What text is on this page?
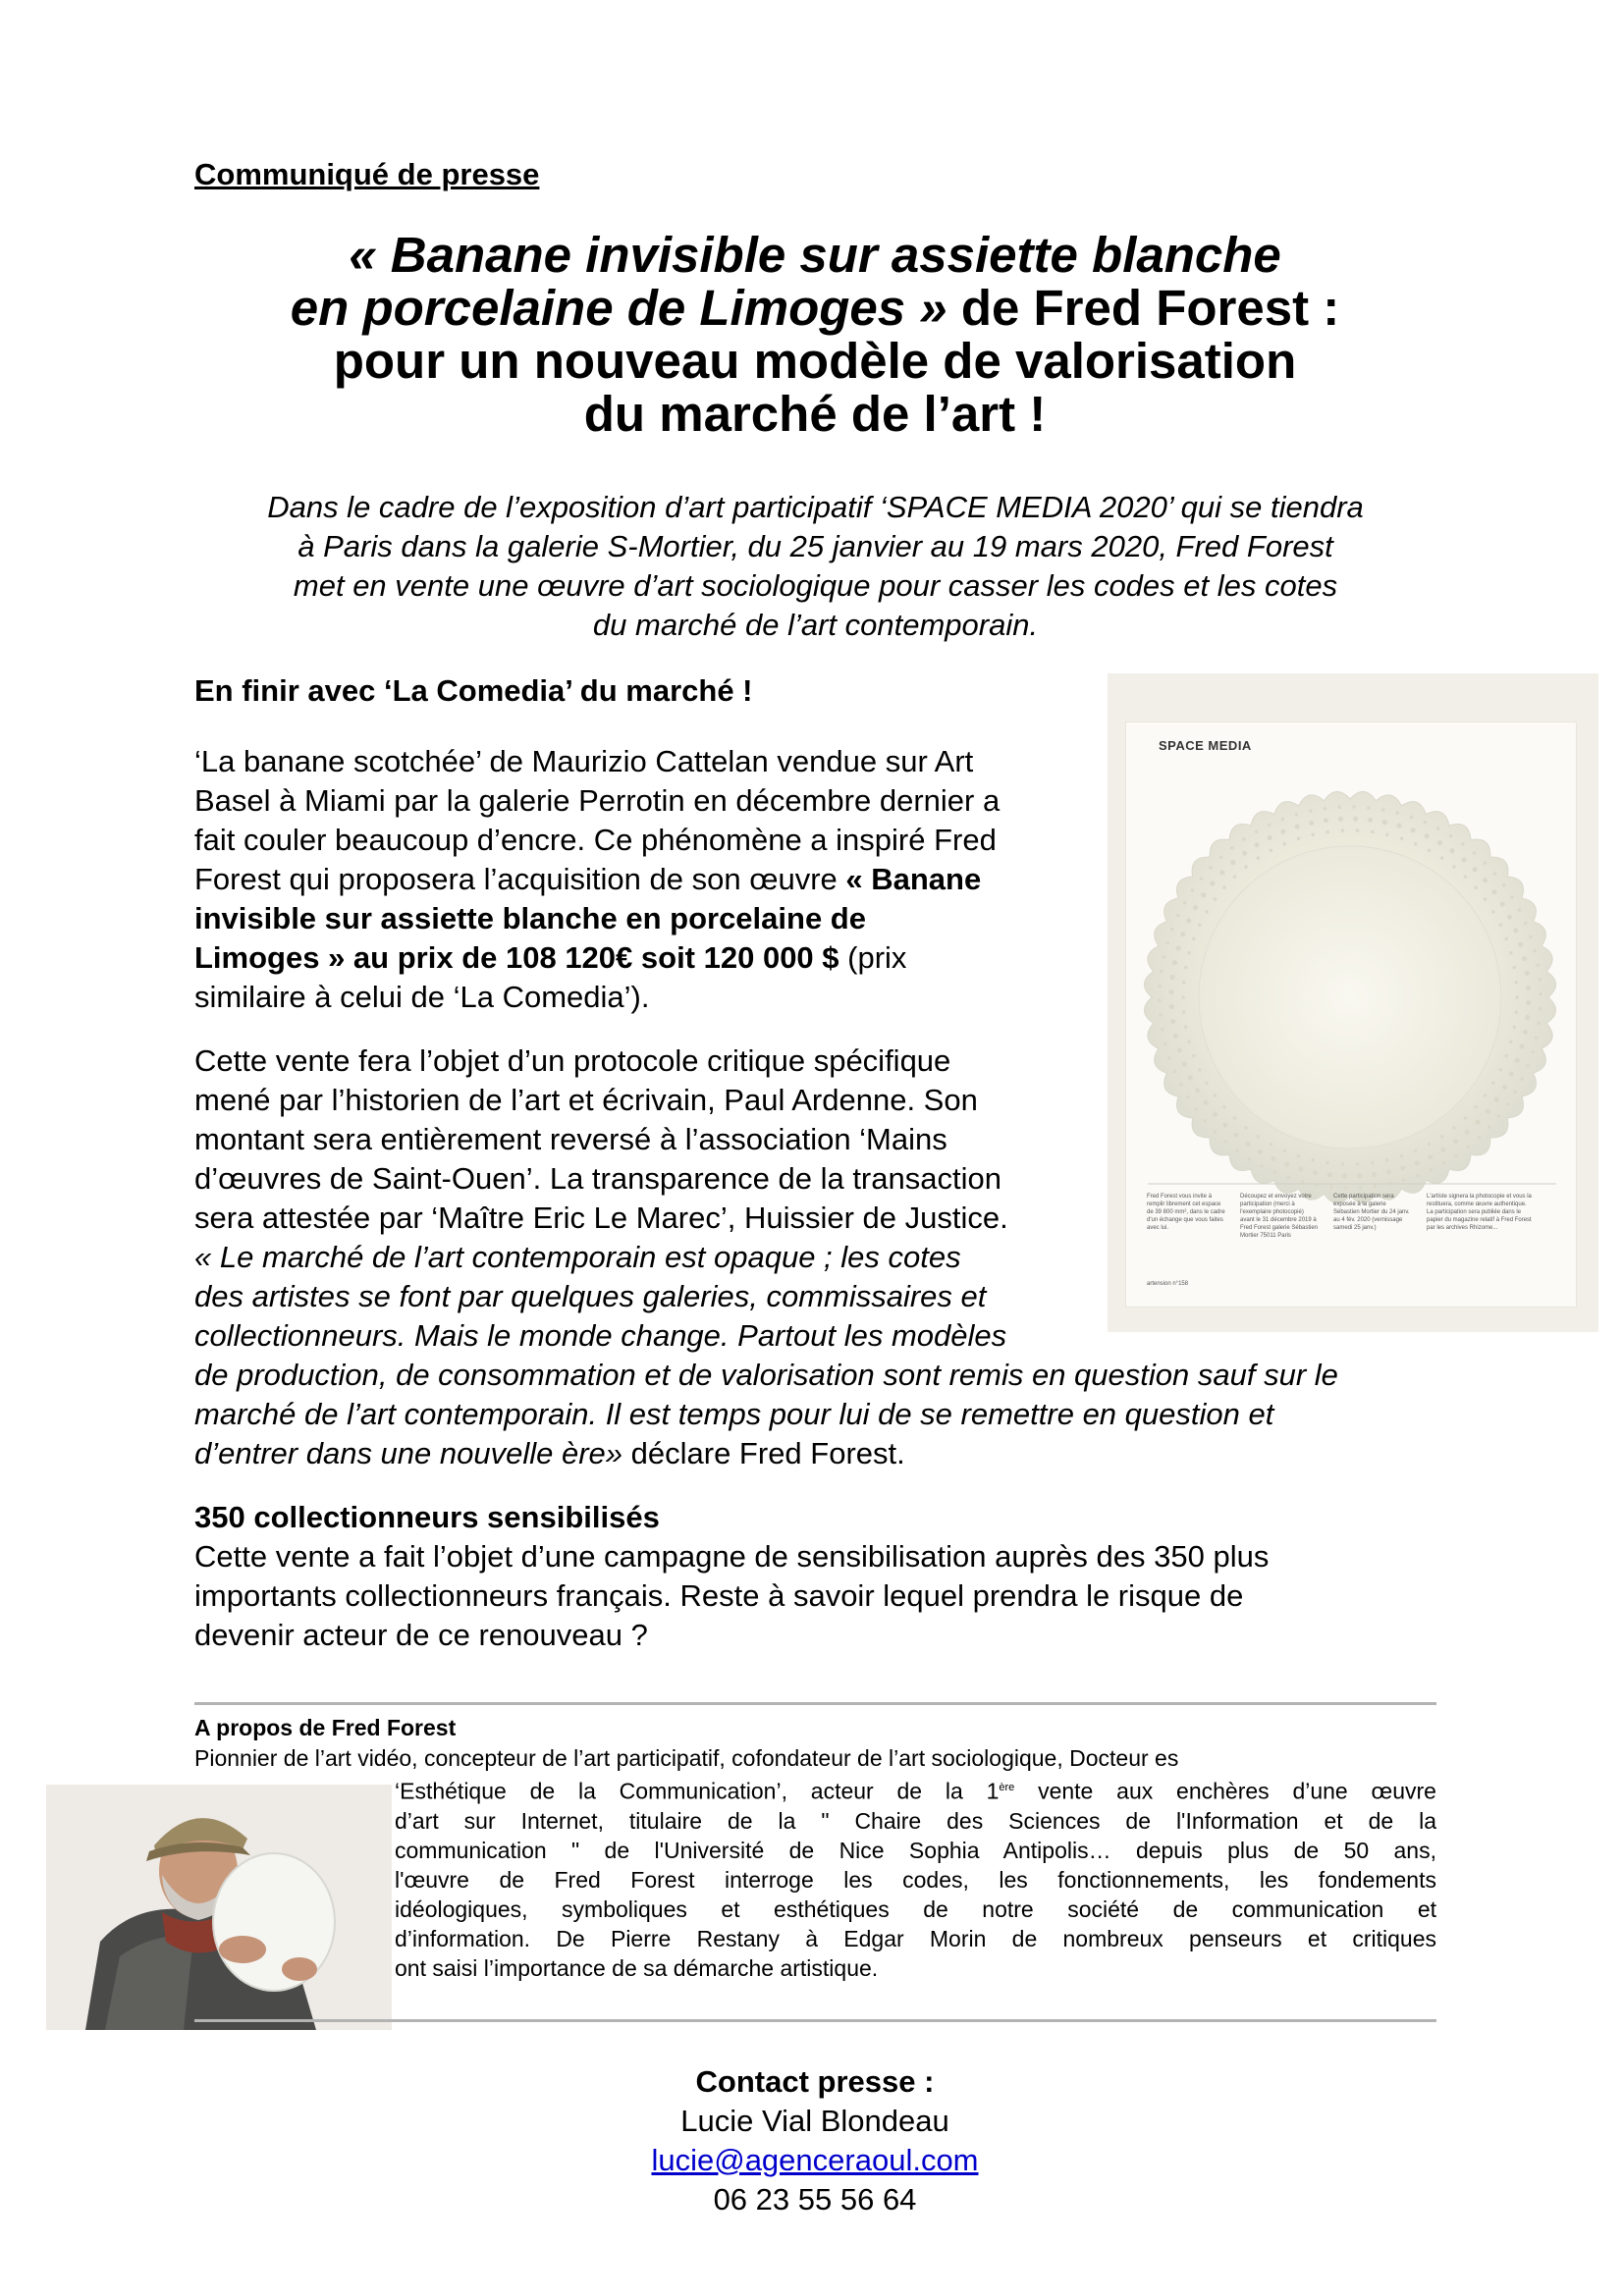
Communiqué de presse
« Banane invisible sur assiette blanche
en porcelaine de Limoges » de Fred Forest :
pour un nouveau modèle de valorisation
du marché de l’art !
Dans le cadre de l’exposition d’art participatif ‘SPACE MEDIA 2020’ qui se tiendra
à Paris dans la galerie S-Mortier, du 25 janvier au 19 mars 2020, Fred Forest
met en vente une œuvre d’art sociologique pour casser les codes et les cotes
du marché de l’art contemporain.
En finir avec ‘La Comedia’ du marché !
‘La banane scotchée’ de Maurizio Cattelan vendue sur Art
Basel à Miami par la galerie Perrotin en décembre dernier a
fait couler beaucoup d’encre. Ce phénomène a inspiré Fred
Forest qui proposera l’acquisition de son œuvre « Banane
invisible sur assiette blanche en porcelaine de
Limoges » au prix de 108 120€ soit 120 000 $ (prix
similaire à celui de ‘La Comedia’).
Cette vente fera l’objet d’un protocole critique spécifique
mené par l’historien de l’art et écrivain, Paul Ardenne. Son
montant sera entièrement reversé à l’association ‘Mains
d’œuvres de Saint-Ouen’. La transparence de la transaction
sera attestée par ‘Maître Eric Le Marec’, Huissier de Justice.
« Le marché de l’art contemporain est opaque ; les cotes
des artistes se font par quelques galeries, commissaires et
collectionneurs. Mais le monde change. Partout les modèles
de production, de consommation et de valorisation sont remis en question sauf sur le
marché de l’art contemporain. Il est temps pour lui de se remettre en question et
d’entrer dans une nouvelle ère» déclare Fred Forest.
SPACE MEDIA
Fred Forest vous invite à remplir librement cet espace de 39 800 mm², dans le cadre d'un échange que vous faites avec lui.
Découpez et envoyez votre participation (merci à l'exemplaire photocopié) avant le 31 décembre 2019 à Fred Forest galerie Sébastien Mortier 75011 Paris
Cette participation sera exposée à la galerie Sébastien Mortier du 24 janv. au 4 fév. 2020 (vernissage samedi 25 janv.)
L'artiste signera la photocopie et vous la restituera, comme œuvre authentique. La participation sera publiée dans le papier du magazine relatif à Fred Forest par les archives Rhizome...
artension n°158
350 collectionneurs sensibilisés
Cette vente a fait l’objet d’une campagne de sensibilisation auprès des 350 plus
importants collectionneurs français. Reste à savoir lequel prendra le risque de
devenir acteur de ce renouveau ?
A propos de Fred Forest
Pionnier de l’art vidéo, concepteur de l’art participatif, cofondateur de l’art sociologique, Docteur es
‘Esthétique de la Communication’, acteur de la 1ère vente aux enchères d’une œuvre
d’art sur Internet, titulaire de la " Chaire des Sciences de l'Information et de la
communication " de l'Université de Nice Sophia Antipolis… depuis plus de 50 ans,
l'œuvre de Fred Forest interroge les codes, les fonctionnements, les fondements
idéologiques, symboliques et esthétiques de notre société de communication et
d’information. De Pierre Restany à Edgar Morin de nombreux penseurs et critiques
ont saisi l’importance de sa démarche artistique.
Contact presse :
Lucie Vial Blondeau
lucie@agenceraoul.com
06 23 55 56 64
